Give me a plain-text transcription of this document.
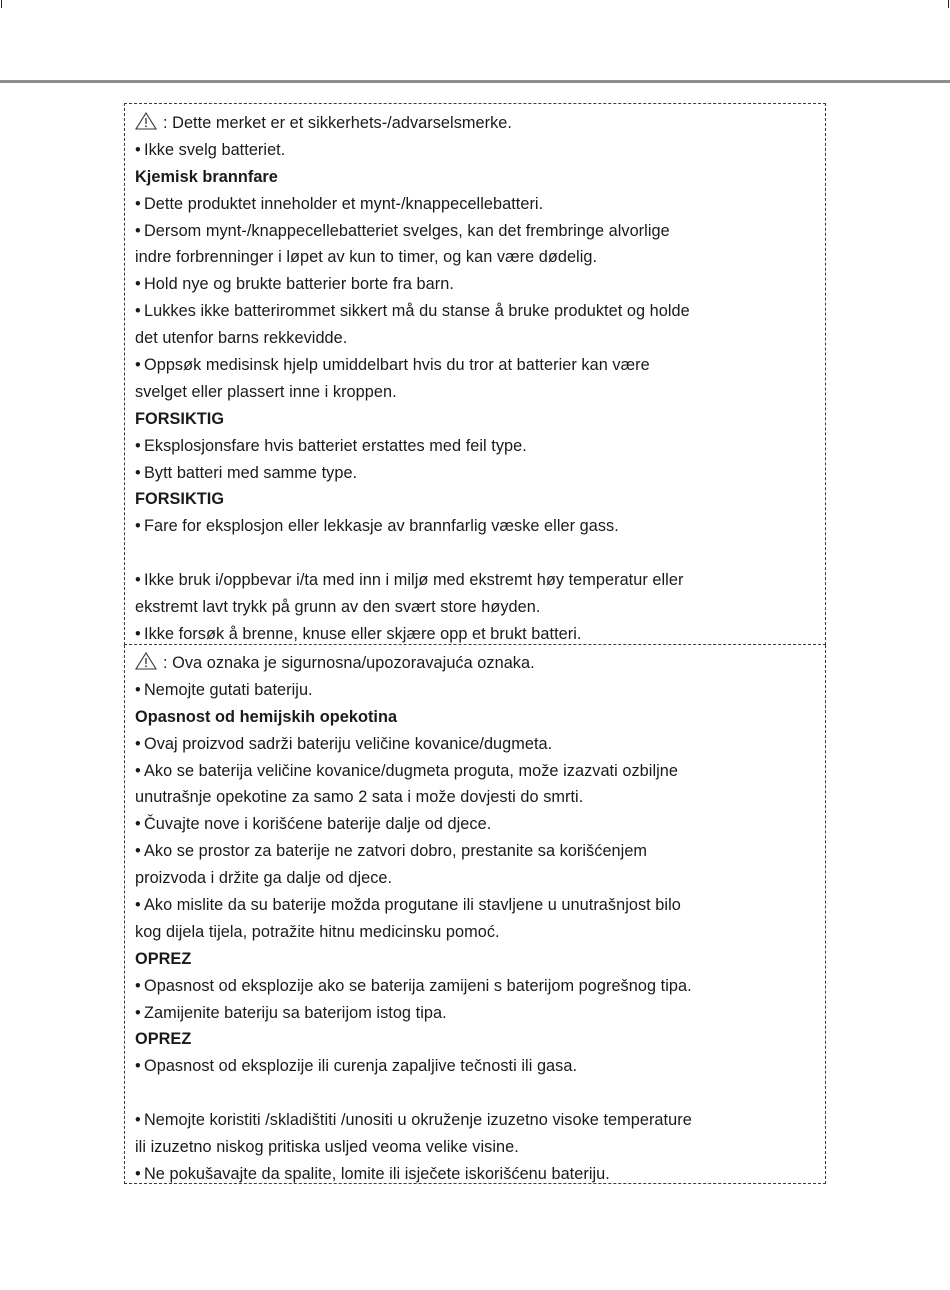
: Dette merket er et sikkerhets-/advarselsmerke.
• Ikke svelg batteriet.
Kjemisk brannfare
• Dette produktet inneholder et mynt-/knappecellebatteri.
• Dersom mynt-/knappecellebatteriet svelges, kan det frembringe alvorlige
indre forbrenninger i løpet av kun to timer, og kan være dødelig.
• Hold nye og brukte batterier borte fra barn.
• Lukkes ikke batterirommet sikkert må du stanse å bruke produktet og holde
det utenfor barns rekkevidde.
• Oppsøk medisinsk hjelp umiddelbart hvis du tror at batterier kan være
svelget eller plassert inne i kroppen.
FORSIKTIG
• Eksplosjonsfare hvis batteriet erstattes med feil type.
• Bytt batteri med samme type.
FORSIKTIG
• Fare for eksplosjon eller lekkasje av brannfarlig væske eller gass.
• Ikke bruk i/oppbevar i/ta med inn i miljø med ekstremt høy temperatur eller
ekstremt lavt trykk på grunn av den svært store høyden.
• Ikke forsøk å brenne, knuse eller skjære opp et brukt batteri.
: Ova oznaka je sigurnosna/upozoravajuća oznaka.
• Nemojte gutati bateriju.
Opasnost od hemijskih opekotina
• Ovaj proizvod sadrži bateriju veličine kovanice/dugmeta.
• Ako se baterija veličine kovanice/dugmeta proguta, može izazvati ozbiljne
unutrašnje opekotine za samo 2 sata i može dovjesti do smrti.
• Čuvajte nove i korišćene baterije dalje od djece.
• Ako se prostor za baterije ne zatvori dobro, prestanite sa korišćenjem
proizvoda i držite ga dalje od djece.
• Ako mislite da su baterije možda progutane ili stavljene u unutrašnjost bilo
kog dijela tijela, potražite hitnu medicinsku pomoć.
OPREZ
• Opasnost od eksplozije ako se baterija zamijeni s baterijom pogrešnog tipa.
• Zamijenite bateriju sa baterijom istog tipa.
OPREZ
• Opasnost od eksplozije ili curenja zapaljive tečnosti ili gasa.
• Nemojte koristiti /skladištiti /unositi u okruženje izuzetno visoke temperature
ili izuzetno niskog pritiska usljed veoma velike visine.
• Ne pokušavajte da spalite, lomite ili isječete iskorišćenu bateriju.
